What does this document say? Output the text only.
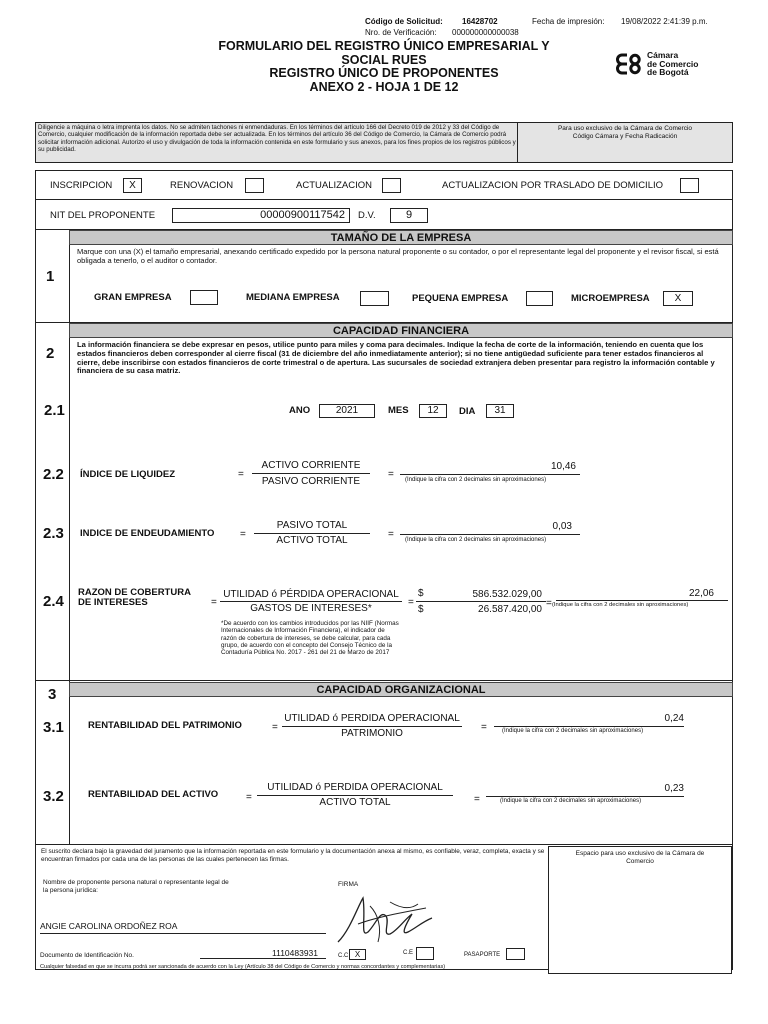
Código de Solicitud: 16428702	Fecha de impresión: 19/08/2022 2:41:39 p.m.
Nro. de Verificación: 000000000000038
FORMULARIO DEL REGISTRO ÚNICO EMPRESARIAL Y
SOCIAL RUES
REGISTRO ÚNICO DE PROPONENTES
ANEXO 2 - HOJA 1 DE 12
Cámara
de Comercio
de Bogotá
Diligencie a máquina o letra imprenta los datos. No se admiten tachones ni enmendaduras. En los términos del artículo 166 del Decreto 019 de 2012 y 33 del Código de Comercio, cualquier modificación de la información reportada debe ser actualizada. En los términos del artículo 36 del Código de Comercio, la Cámara de Comercio podrá solicitar información adicional. Autorizo el uso y divulgación de toda la información contenida en este formulario y sus anexos, para los fines propios de los registros públicos y su publicidad.
Para uso exclusivo de la Cámara de Comercio
Código Cámara y Fecha Radicación
INSCRIPCION	X	RENOVACION	ACTUALIZACION	ACTUALIZACION POR TRASLADO DE DOMICILIO
NIT DEL PROPONENTE	00000900117542	D.V.	9
TAMAÑO DE LA EMPRESA
1
Marque con una (X) el tamaño empresarial, anexando certificado expedido por la persona natural proponente o su contador, o por el representante legal del proponente y el revisor fiscal, si está obligada a tenerlo, o el auditor o contador.
GRAN EMPRESA	MEDIANA EMPRESA	PEQUENA EMPRESA	MICROEMPRESA	X
CAPACIDAD FINANCIERA
2
La información financiera se debe expresar en pesos, utilice punto para miles y coma para decimales. Indique la fecha de corte de la información, teniendo en cuenta que los estados financieros deben corresponder al cierre fiscal (31 de diciembre del año inmediatamente anterior); si no tiene antigüedad suficiente para tener estados financieros al cierre, debe inscribirse con estados financieros de corte trimestral o de apertura. Las sucursales de sociedad extranjera deben presentar para registro la información contable y financiera de su casa matriz.
2.1	ANO	2021	MES	12	DIA	31
2.2 ÍNDICE DE LIQUIDEZ	=
ACTIVO CORRIENTE
PASIVO CORRIENTE
=
10,46
(Indique la cifra con 2 decimales sin aproximaciones)
2.3 INDICE DE ENDEUDAMIENTO	=
PASIVO TOTAL
ACTIVO TOTAL
=
0,03
(Indique la cifra con 2 decimales sin aproximaciones)
2.4
RAZON DE COBERTURA
DE INTERESES	=
UTILIDAD ó PÉRDIDA OPERACIONAL
GASTOS DE INTERESES*
=
$	586.532.029,00
$	26.587.420,00
=
22,06
(Indique la cifra con 2 decimales sin aproximaciones)
*De acuerdo con los cambios introducidos por las NIIF (Normas Internacionales de Información Financiera), el indicador de razón de cobertura de intereses, se debe calcular, para cada grupo, de acuerdo con el concepto del Consejo Técnico de la Contaduría Pública No. 2017 - 261 del 21 de Marzo de 2017
CAPACIDAD ORGANIZACIONAL
3
3.1	RENTABILIDAD DEL PATRIMONIO	=
UTILIDAD ó PERDIDA OPERACIONAL
PATRIMONIO
=
0,24
(Indique la cifra con 2 decimales sin aproximaciones)
3.2	RENTABILIDAD DEL ACTIVO	=
UTILIDAD ó PERDIDA OPERACIONAL
ACTIVO TOTAL	=
0,23
(Indique la cifra con 2 decimales sin aproximaciones)
El suscrito declara bajo la gravedad del juramento que la información reportada en este formulario y la documentación anexa al mismo, es confiable, veraz, completa, exacta y se encuentran firmados por cada una de las personas de las cuales pertenecen las firmas.
Espacio para uso exclusivo de la Cámara de
Comercio
Nombre de proponente persona natural o representante legal de la persona jurídica:
FIRMA
ANGIE CAROLINA ORDOÑEZ ROA
Documento de Identificación No.	1110483931	C.C X	C.E	PASAPORTE
Cualquier falsedad en que se incurra podrá ser sancionada de acuerdo con la Ley (Artículo 38 del Código de Comercio y normas concordantes y complementarias)
